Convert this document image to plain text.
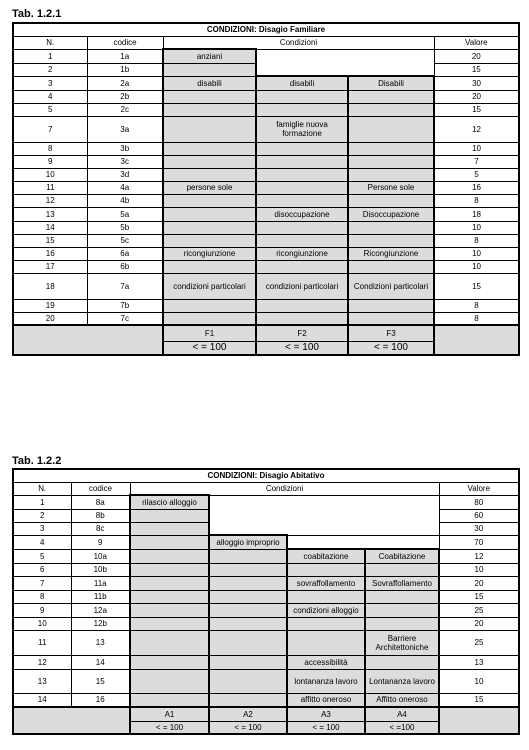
Tab. 1.2.1
CONDIZIONI: Disagio Familiare					
N.	codice	Condizioni			Valore
1	1a	anziani			20
2	1b				15
3	2a	disabili	disabili	Disabili	30
4	2b				20
5	2c				15
7	3a		famiglie nuova formazione		12
8	3b				10
9	3c				7
10	3d				5
11	4a	persone sole		Persone sole	16
12	4b				8
13	5a		disoccupazione	Disoccupazione	18
14	5b				10
15	5c				8
16	6a	ricongiunzione	ricongiunzione	Ricongiunzione	10
17	6b				10
18	7a	condizioni particolari	condizioni particolari	Condizioni particolari	15
19	7b				8
20	7c				8
		F1	F2	F3	
		< = 100	< = 100	< = 100	
Tab. 1.2.2
CONDIZIONI: Disagio Abitativo						
N.	codice	Condizioni				Valore
1	8a	rilascio alloggio				80
2	8b					60
3	8c					30
4	9		alloggio improprio			70
5	10a			coabitazione	Coabitazione	12
6	10b					10
7	11a			sovraffollamento	Sovraffollamento	20
8	11b					15
9	12a			condizioni alloggio		25
10	12b					20
11	13				Barriere Architettoniche	25
12	14			accessibilità		13
13	15			lontananza lavoro	Lontananza lavoro	10
14	16			affitto oneroso	Affitto oneroso	15
		A1	A2	A3	A4	
		< = 100	< = 100	< = 100	< =100	
